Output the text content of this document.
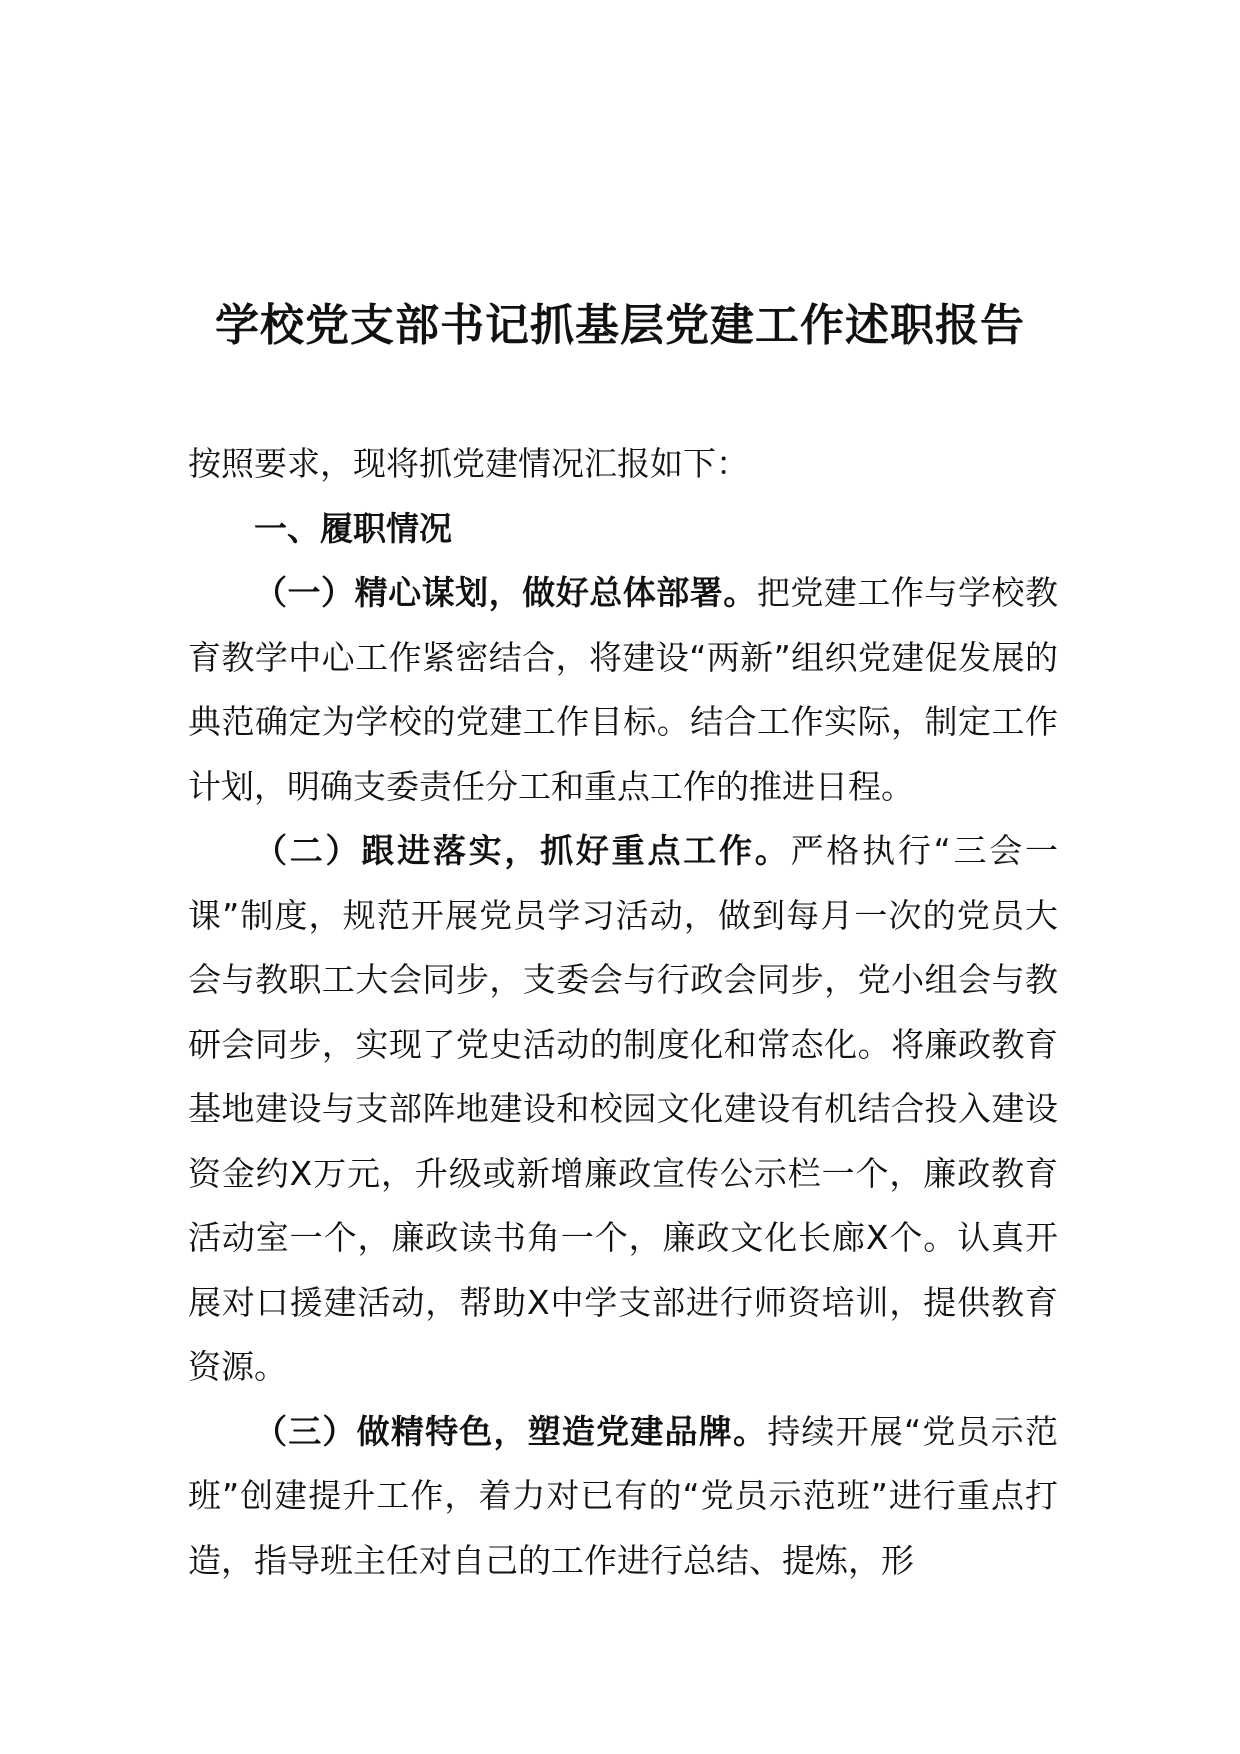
学校党支部书记抓基层党建工作述职报告

按照要求，现将抓党建情况汇报如下：

一、履职情况

（一）精心谋划，做好总体部署。把党建工作与学校教育教学中心工作紧密结合，将建设“两新”组织党建促发展的典范确定为学校的党建工作目标。结合工作实际，制定工作计划，明确支委责任分工和重点工作的推进日程。

（二）跟进落实，抓好重点工作。严格执行“三会一课”制度，规范开展党员学习活动，做到每月一次的党员大会与教职工大会同步，支委会与行政会同步，党小组会与教研会同步，实现了党史活动的制度化和常态化。将廉政教育基地建设与支部阵地建设和校园文化建设有机结合投入建设资金约X万元，升级或新增廉政宣传公示栏一个，廉政教育活动室一个，廉政读书角一个，廉政文化长廊X个。认真开展对口援建活动，帮助X中学支部进行师资培训，提供教育资源。

（三）做精特色，塑造党建品牌。持续开展“党员示范班”创建提升工作，着力对已有的“党员示范班”进行重点打造，指导班主任对自己的工作进行总结、提炼，形
